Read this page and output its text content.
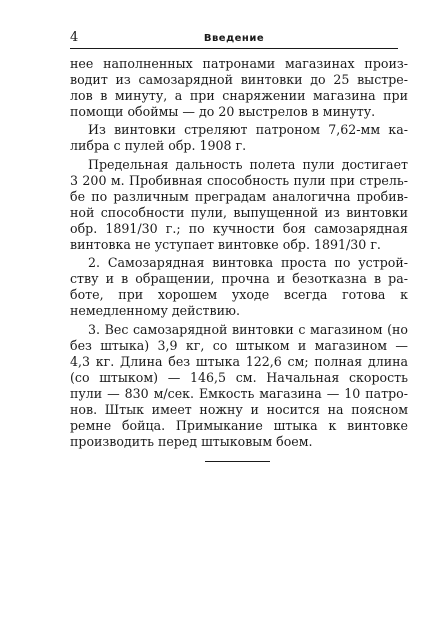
4	Введение
нее наполненных патронами магазинах произ-
водит из самозарядной винтовки до 25 выстре-
лов в минуту, а при снаряжении магазина при
помощи обоймы — до 20 выстрелов в минуту.
Из винтовки стреляют патроном 7,62-мм ка-
либра с пулей обр. 1908 г.
Предельная дальность полета пули достигает
3 200 м. Пробивная способность пули при стрель-
бе по различным преградам аналогична пробив-
ной способности пули, выпущенной из винтовки
обр. 1891/30 г.; по кучности боя самозарядная
винтовка не уступает винтовке обр. 1891/30 г.
2. Самозарядная винтовка проста по устрой-
ству и в обращении, прочна и безотказна в ра-
боте, при хорошем уходе всегда готова к
немедленному действию.
3. Вес самозарядной винтовки с магазином (но
без штыка) 3,9 кг, со штыком и магазином —
4,3 кг. Длина без штыка 122,6 см; полная длина
(со штыком) — 146,5 см. Начальная скорость
пули — 830 м/сек. Емкость магазина — 10 патро-
нов. Штык имеет ножну и носится на поясном
ремне бойца. Примыкание штыка к винтовке
производить перед штыковым боем.
